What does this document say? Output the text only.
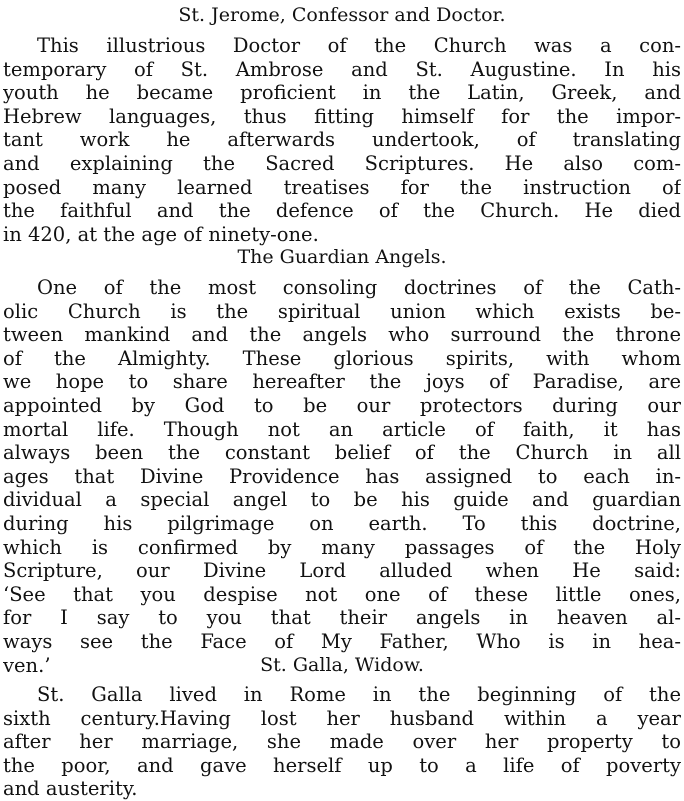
St. Jerome, Confessor and Doctor.
This illustrious Doctor of the Church was a con-
temporary of St. Ambrose and St. Augustine. In his
youth he became proficient in the Latin, Greek, and
Hebrew languages, thus fitting himself for the impor-
tant work he afterwards undertook, of translating
and explaining the Sacred Scriptures. He also com-
posed many learned treatises for the instruction of
the faithful and the defence of the Church. He died
in 420, at the age of ninety-one.
The Guardian Angels.
One of the most consoling doctrines of the Cath-
olic Church is the spiritual union which exists be-
tween mankind and the angels who surround the throne
of the Almighty. These glorious spirits, with whom
we hope to share hereafter the joys of Paradise, are
appointed by God to be our protectors during our
mortal life. Though not an article of faith, it has
always been the constant belief of the Church in all
ages that Divine Providence has assigned to each in-
dividual a special angel to be his guide and guardian
during his pilgrimage on earth. To this doctrine,
which is confirmed by many passages of the Holy
Scripture, our Divine Lord alluded when He said:
‘See that you despise not one of these little ones,
for I say to you that their angels in heaven al-
ways see the Face of My Father, Who is in hea-
ven.’	St. Galla, Widow.
St. Galla lived in Rome in the beginning of the
sixth century.Having lost her husband within a year
after her marriage, she made over her property to
the poor, and gave herself up to a life of poverty
and austerity.
